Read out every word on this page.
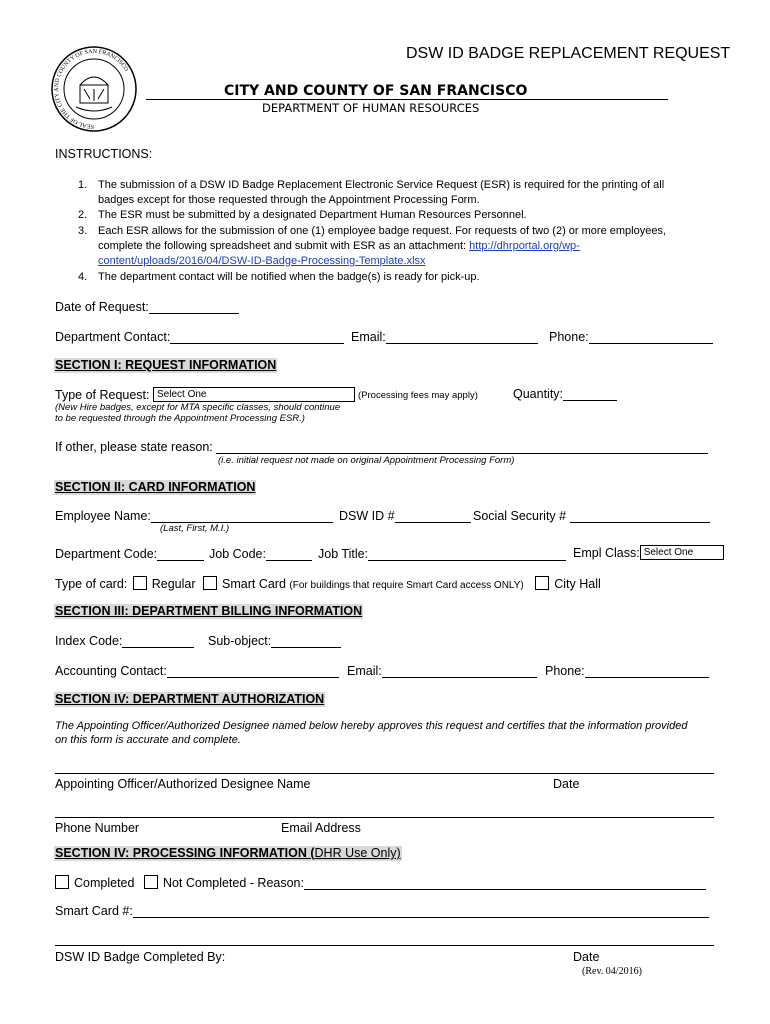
SEAL OF THE CITY AND COUNTY OF SAN FRANCISCO
DSW ID BADGE REPLACEMENT REQUEST
CITY AND COUNTY OF SAN FRANCISCO
DEPARTMENT OF HUMAN RESOURCES
INSTRUCTIONS:
1. The submission of a DSW ID Badge Replacement Electronic Service Request (ESR) is required for the printing of all
badges except for those requested through the Appointment Processing Form.
2. The ESR must be submitted by a designated Department Human Resources Personnel.
3. Each ESR allows for the submission of one (1) employee badge request. For requests of two (2) or more employees,
complete the following spreadsheet and submit with ESR as an attachment: http://dhrportal.org/wp-
content/uploads/2016/04/DSW-ID-Badge-Processing-Template.xlsx
4. The department contact will be notified when the badge(s) is ready for pick-up.
Date of Request:
Department Contact:	Email:	Phone:
SECTION I: REQUEST INFORMATION
Type of Request: Select One	(Processing fees may apply)	Quantity:
(New Hire badges, except for MTA specific classes, should continue
to be requested through the Appointment Processing ESR.)
If other, please state reason:
(i.e. initial request not made on original Appointment Processing Form)
SECTION II: CARD INFORMATION
Employee Name:
(Last, First, M.I.)
DSW ID #	Social Security #
Department Code:	Job Code:	Job Title:	Empl Class: Select One
Type of card: Regular Smart Card (For buildings that require Smart Card access ONLY) City Hall
SECTION III: DEPARTMENT BILLING INFORMATION
Index Code:	Sub-object:
Accounting Contact:	Email:	Phone:
SECTION IV: DEPARTMENT AUTHORIZATION
The Appointing Officer/Authorized Designee named below hereby approves this request and certifies that the information provided
on this form is accurate and complete.
Appointing Officer/Authorized Designee Name	Date
Phone Number	Email Address
SECTION IV: PROCESSING INFORMATION (DHR Use Only)
Completed Not Completed - Reason:
Smart Card #:
DSW ID Badge Completed By:	Date
(Rev. 04/2016)
